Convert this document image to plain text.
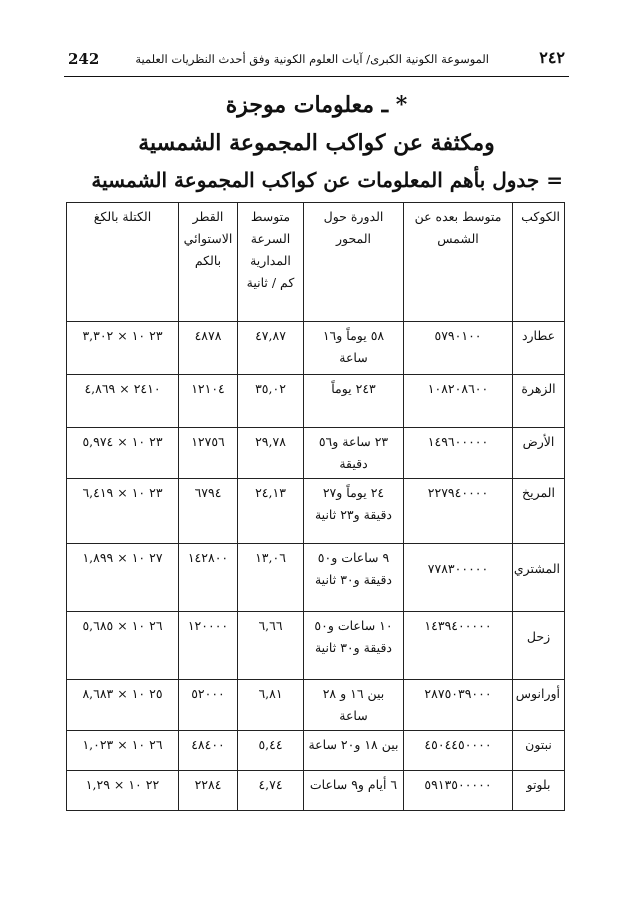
242	الموسوعة الكونية الكبرى/ آيات العلوم الكونية وفق أحدث النظريات العلمية	٢٤٢
* ـ معلومات موجزة
ومكثفة عن كواكب المجموعة الشمسية
= جدول بأهم المعلومات عن كواكب المجموعة الشمسية
الكوكب	متوسط بعده عن الشمس	الدورة حول المحور	متوسط السرعة المدارية كم / ثانية	القطر الاستوائي بالكم	الكتلة بالكغ
عطارد	٥٧٩٠١٠٠	٥٨ يوماً و١٦ ساعة	٤٧,٨٧	٤٨٧٨	٢٣ ١٠ × ٣,٣٠٢
الزهرة	١٠٨٢٠٨٦٠٠	٢٤٣ يوماً	٣٥,٠٢	١٢١٠٤	٢٤١٠ × ٤,٨٦٩
الأرض	١٤٩٦٠٠٠٠٠	٢٣ ساعة و٥٦ دقيقة	٢٩,٧٨	١٢٧٥٦	٢٣ ١٠ × ٥,٩٧٤
المريخ	٢٢٧٩٤٠٠٠٠	٢٤ يوماً و٢٧ دقيقة و٢٣ ثانية	٢٤,١٣	٦٧٩٤	٢٣ ١٠ × ٦,٤١٩
المشتري	٧٧٨٣٠٠٠٠٠	٩ ساعات و٥٠ دقيقة و٣٠ ثانية	١٣,٠٦	١٤٢٨٠٠	٢٧ ١٠ × ١,٨٩٩
زحل	١٤٣٩٤٠٠٠٠٠	١٠ ساعات و٥٠ دقيقة و٣٠ ثانية	٦,٦٦	١٢٠٠٠٠	٢٦ ١٠ × ٥,٦٨٥
أورانوس	٢٨٧٥٠٣٩٠٠٠	بين ١٦ و ٢٨ ساعة	٦,٨١	٥٢٠٠٠	٢٥ ١٠ × ٨,٦٨٣
نبتون	٤٥٠٤٤٥٠٠٠٠	بين ١٨ و٢٠ ساعة	٥,٤٤	٤٨٤٠٠	٢٦ ١٠ × ١,٠٢٣
بلوتو	٥٩١٣٥٠٠٠٠٠	٦ أيام و٩ ساعات	٤,٧٤	٢٢٨٤	٢٢ ١٠ × ١,٢٩
